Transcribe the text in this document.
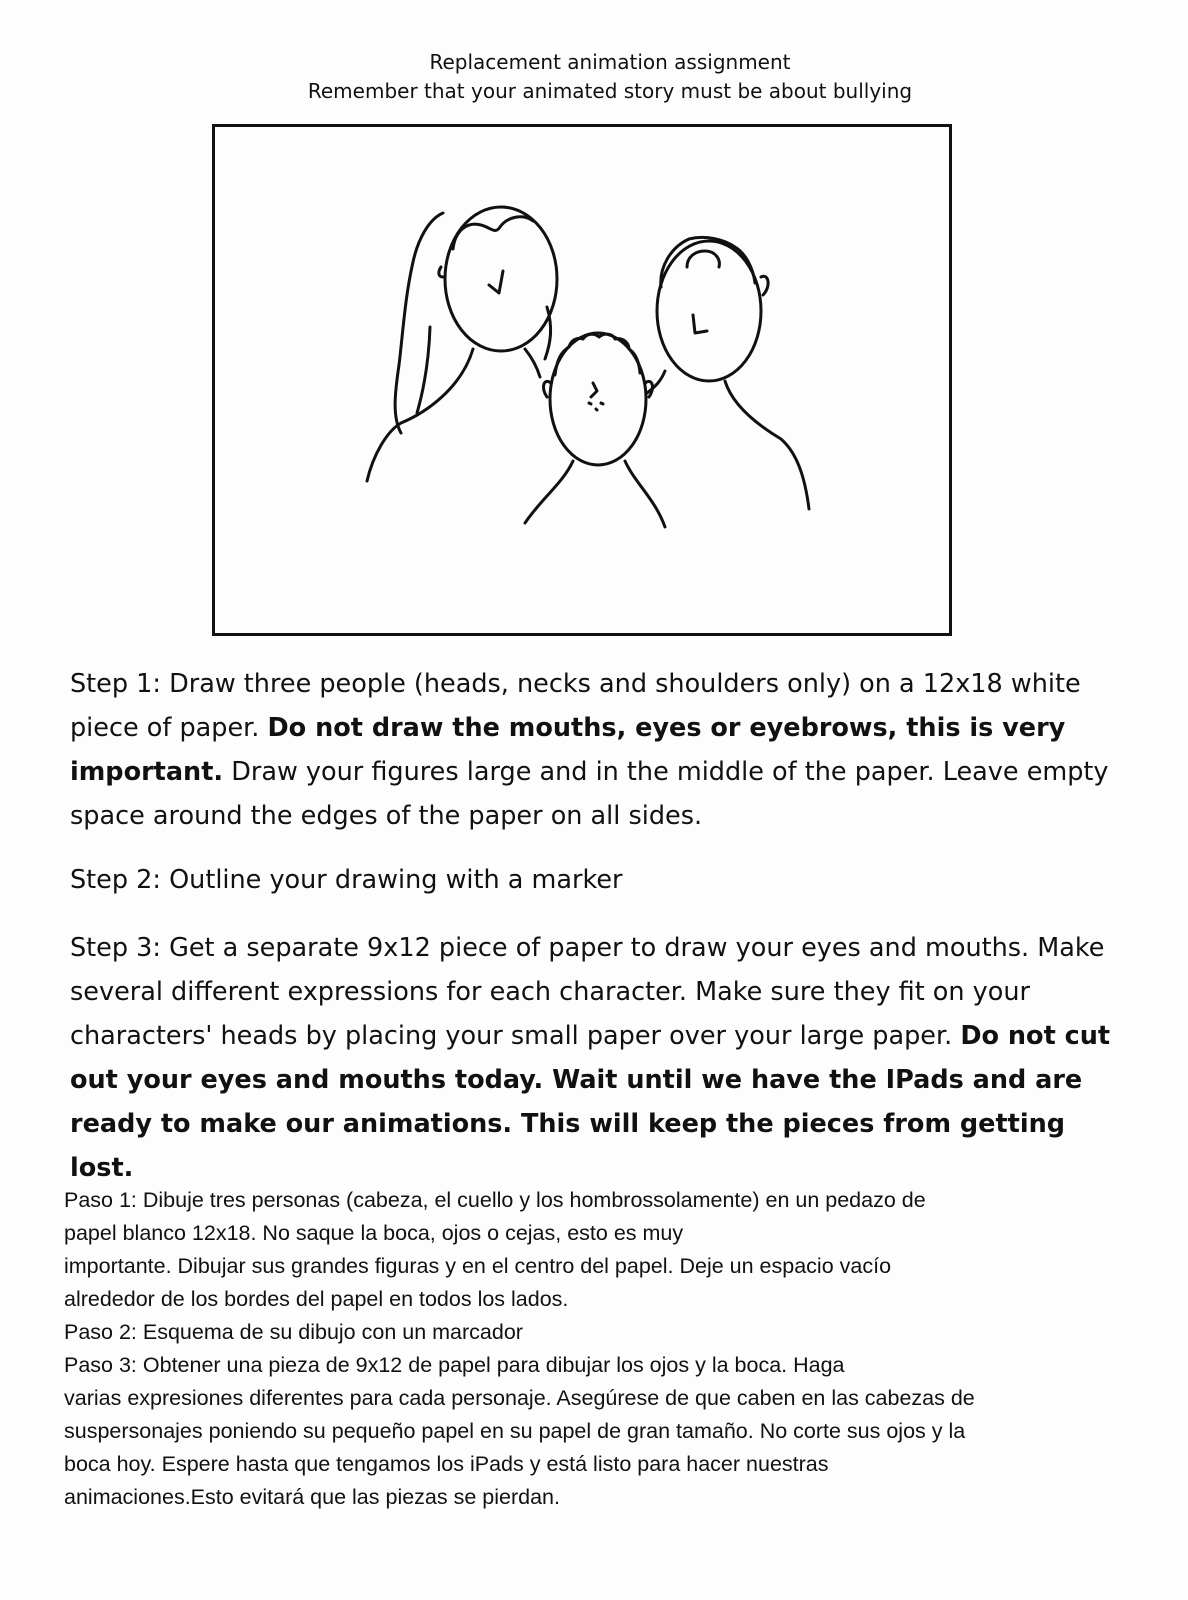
Replacement animation assignment
Remember that your animated story must be about bullying

Step 1: Draw three people (heads, necks and shoulders only) on a 12x18 white piece of paper. Do not draw the mouths, eyes or eyebrows, this is very important. Draw your figures large and in the middle of the paper. Leave empty space around the edges of the paper on all sides.

Step 2: Outline your drawing with a marker

Step 3: Get a separate 9x12 piece of paper to draw your eyes and mouths. Make several different expressions for each character. Make sure they fit on your characters' heads by placing your small paper over your large paper. Do not cut out your eyes and mouths today. Wait until we have the IPads and are ready to make our animations. This will keep the pieces from getting lost.

Paso 1: Dibuje tres personas (cabeza, el cuello y los hombrossolamente) en un pedazo de
papel blanco 12x18. No saque la boca, ojos o cejas, esto es muy
importante. Dibujar sus grandes figuras y en el centro del papel. Deje un espacio vacío
alrededor de los bordes del papel en todos los lados.
Paso 2: Esquema de su dibujo con un marcador
Paso 3: Obtener una pieza de 9x12 de papel para dibujar los ojos y la boca. Haga
varias expresiones diferentes para cada personaje. Asegúrese de que caben en las cabezas de
suspersonajes poniendo su pequeño papel en su papel de gran tamaño. No corte sus ojos y la
boca hoy. Espere hasta que tengamos los iPads y está listo para hacer nuestras
animaciones.Esto evitará que las piezas se pierdan.
